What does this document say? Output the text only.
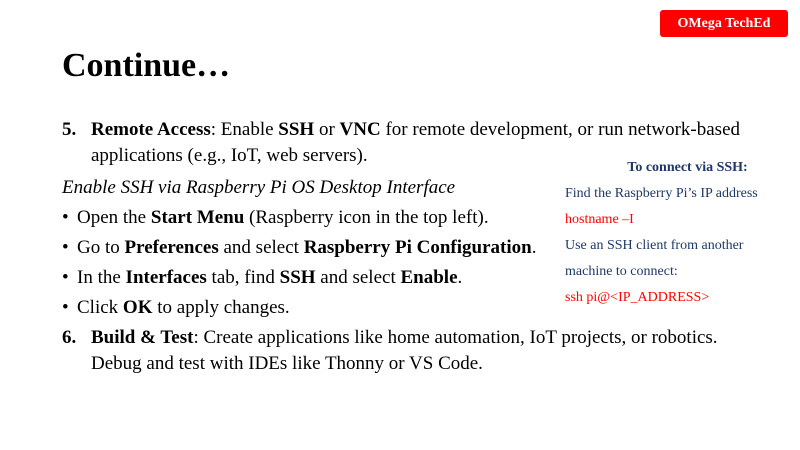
OMega TechEd
Continue…
5. Remote Access: Enable SSH or VNC for remote development, or run network-based applications (e.g., IoT, web servers).
Enable SSH via Raspberry Pi OS Desktop Interface
• Open the Start Menu (Raspberry icon in the top left).
• Go to Preferences and select Raspberry Pi Configuration.
• In the Interfaces tab, find SSH and select Enable.
• Click OK to apply changes.
6. Build & Test: Create applications like home automation, IoT projects, or robotics. Debug and test with IDEs like Thonny or VS Code.
To connect via SSH:
Find the Raspberry Pi’s IP address
hostname –I
Use an SSH client from another
machine to connect:
ssh pi@<IP_ADDRESS>
